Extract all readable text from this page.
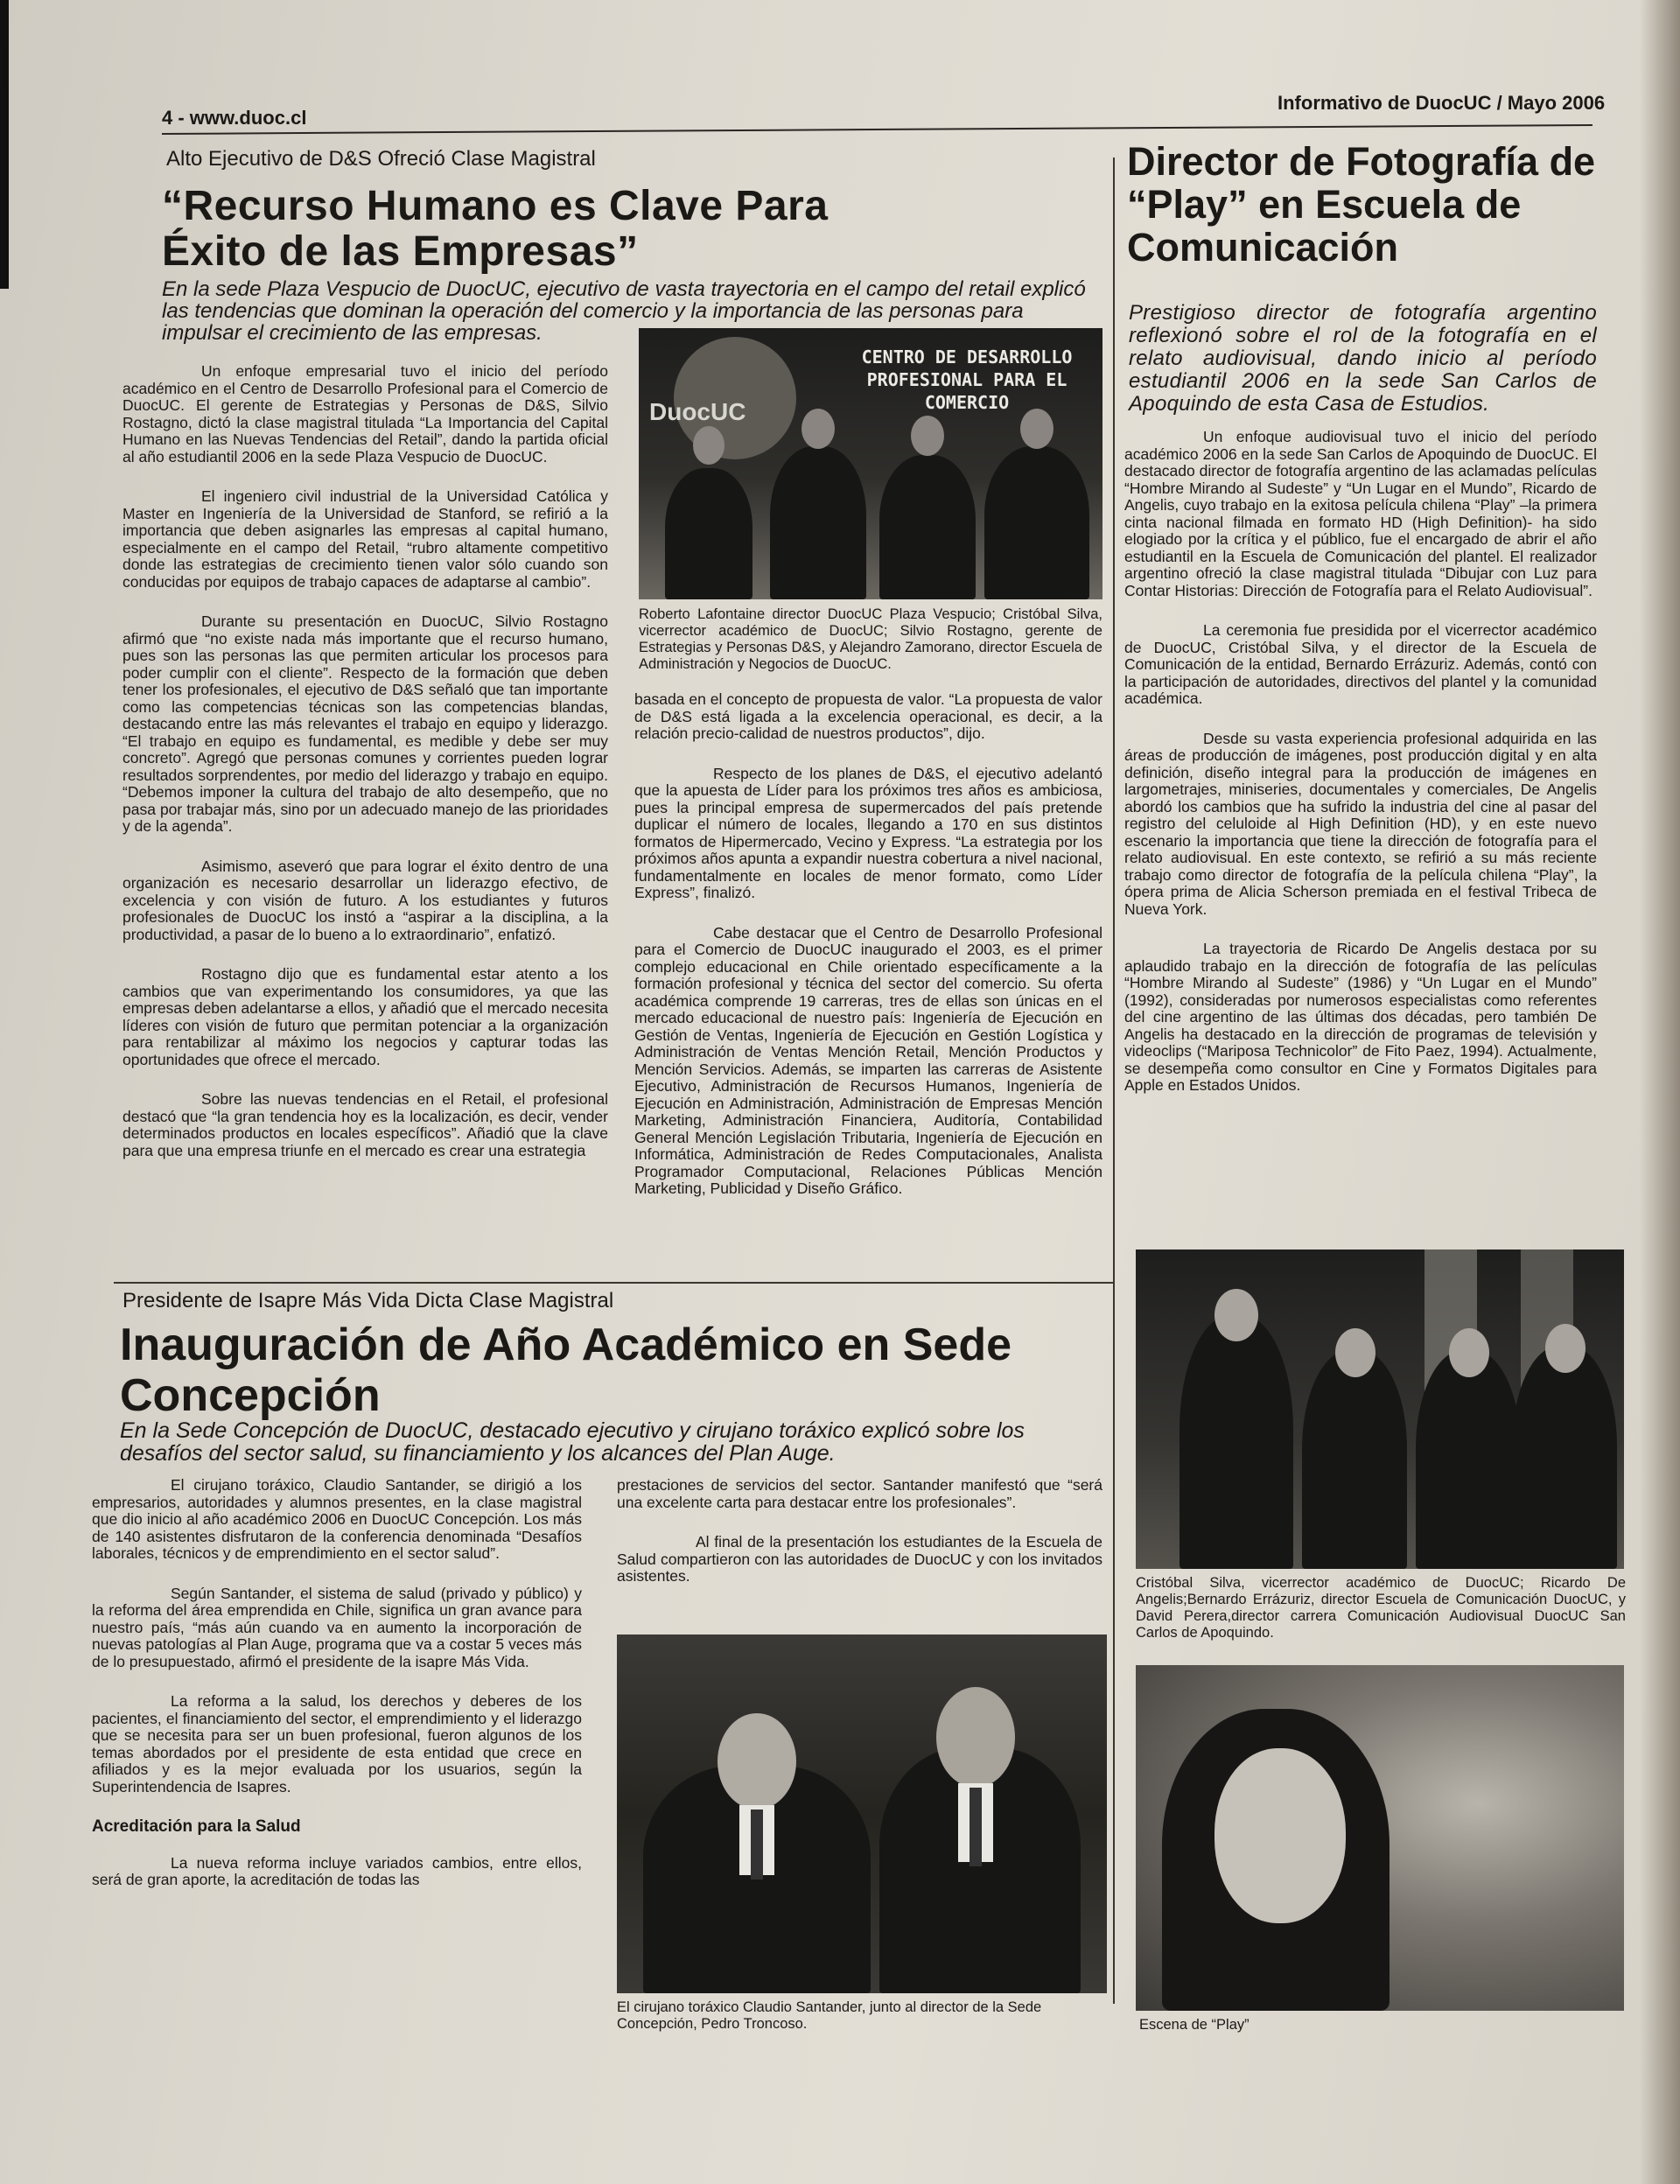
4 - www.duoc.cl
Informativo de DuocUC / Mayo 2006
Alto Ejecutivo de D&S Ofreció Clase Magistral
“Recurso Humano es Clave Para Éxito de las Empresas”
En la sede Plaza Vespucio de DuocUC, ejecutivo de vasta trayectoria en el campo del retail explicó las tendencias que dominan la operación del comercio y la importancia de las personas para impulsar el crecimiento de las empresas.

Un enfoque empresarial tuvo el inicio del período académico en el Centro de Desarrollo Profesional para el Comercio de DuocUC. El gerente de Estrategias y Personas de D&S, Silvio Rostagno, dictó la clase magistral titulada “La Importancia del Capital Humano en las Nuevas Tendencias del Retail”, dando la partida oficial al año estudiantil 2006 en la sede Plaza Vespucio de DuocUC.

El ingeniero civil industrial de la Universidad Católica y Master en Ingeniería de la Universidad de Stanford, se refirió a la importancia que deben asignarles las empresas al capital humano, especialmente en el campo del Retail, “rubro altamente competitivo donde las estrategias de crecimiento tienen valor sólo cuando son conducidas por equipos de trabajo capaces de adaptarse al cambio”.

Durante su presentación en DuocUC, Silvio Rostagno afirmó que “no existe nada más importante que el recurso humano, pues son las personas las que permiten articular los procesos para poder cumplir con el cliente”. Respecto de la formación que deben tener los profesionales, el ejecutivo de D&S señaló que tan importante como las competencias técnicas son las competencias blandas, destacando entre las más relevantes el trabajo en equipo y liderazgo. “El trabajo en equipo es fundamental, es medible y debe ser muy concreto”. Agregó que personas comunes y corrientes pueden lograr resultados sorprendentes, por medio del liderazgo y trabajo en equipo. “Debemos imponer la cultura del trabajo de alto desempeño, que no pasa por trabajar más, sino por un adecuado manejo de las prioridades y de la agenda”.

Asimismo, aseveró que para lograr el éxito dentro de una organización es necesario desarrollar un liderazgo efectivo, de excelencia y con visión de futuro. A los estudiantes y futuros profesionales de DuocUC los instó a “aspirar a la disciplina, a la productividad, a pasar de lo bueno a lo extraordinario”, enfatizó.

Rostagno dijo que es fundamental estar atento a los cambios que van experimentando los consumidores, ya que las empresas deben adelantarse a ellos, y añadió que el mercado necesita líderes con visión de futuro que permitan potenciar a la organización para rentabilizar al máximo los negocios y capturar todas las oportunidades que ofrece el mercado.

Sobre las nuevas tendencias en el Retail, el profesional destacó que “la gran tendencia hoy es la localización, es decir, vender determinados productos en locales específicos”. Añadió que la clave para que una empresa triunfe en el mercado es crear una estrategia

DuocUC
CENTRO DE DESARROLLO PROFESIONAL PARA EL COMERCIO
Roberto Lafontaine director DuocUC Plaza Vespucio; Cristóbal Silva, vicerrector académico de DuocUC; Silvio Rostagno, gerente de Estrategias y Personas D&S, y Alejandro Zamorano, director Escuela de Administración y Negocios de DuocUC.

basada en el concepto de propuesta de valor. “La propuesta de valor de D&S está ligada a la excelencia operacional, es decir, a la relación precio-calidad de nuestros productos”, dijo.

Respecto de los planes de D&S, el ejecutivo adelantó que la apuesta de Líder para los próximos tres años es ambiciosa, pues la principal empresa de supermercados del país pretende duplicar el número de locales, llegando a 170 en sus distintos formatos de Hipermercado, Vecino y Express. “La estrategia por los próximos años apunta a expandir nuestra cobertura a nivel nacional, fundamentalmente en locales de menor formato, como Líder Express”, finalizó.

Cabe destacar que el Centro de Desarrollo Profesional para el Comercio de DuocUC inaugurado el 2003, es el primer complejo educacional en Chile orientado específicamente a la formación profesional y técnica del sector del comercio. Su oferta académica comprende 19 carreras, tres de ellas son únicas en el mercado educacional de nuestro país: Ingeniería de Ejecución en Gestión de Ventas, Ingeniería de Ejecución en Gestión Logística y Administración de Ventas Mención Retail, Mención Productos y Mención Servicios. Además, se imparten las carreras de Asistente Ejecutivo, Administración de Recursos Humanos, Ingeniería de Ejecución en Administración, Administración de Empresas Mención Marketing, Administración Financiera, Auditoría, Contabilidad General Mención Legislación Tributaria, Ingeniería de Ejecución en Informática, Administración de Redes Computacionales, Analista Programador Computacional, Relaciones Públicas Mención Marketing, Publicidad y Diseño Gráfico.

Director de Fotografía de “Play” en Escuela de Comunicación
Prestigioso director de fotografía argentino reflexionó sobre el rol de la fotografía en el relato audiovisual, dando inicio al período estudiantil 2006 en la sede San Carlos de Apoquindo de esta Casa de Estudios.

Un enfoque audiovisual tuvo el inicio del período académico 2006 en la sede San Carlos de Apoquindo de DuocUC. El destacado director de fotografía argentino de las aclamadas películas “Hombre Mirando al Sudeste” y “Un Lugar en el Mundo”, Ricardo de Angelis, cuyo trabajo en la exitosa película chilena “Play” –la primera cinta nacional filmada en formato HD (High Definition)- ha sido elogiado por la crítica y el público, fue el encargado de abrir el año estudiantil en la Escuela de Comunicación del plantel. El realizador argentino ofreció la clase magistral titulada “Dibujar con Luz para Contar Historias: Dirección de Fotografía para el Relato Audiovisual”.

La ceremonia fue presidida por el vicerrector académico de DuocUC, Cristóbal Silva, y el director de la Escuela de Comunicación de la entidad, Bernardo Errázuriz. Además, contó con la participación de autoridades, directivos del plantel y la comunidad académica.

Desde su vasta experiencia profesional adquirida en las áreas de producción de imágenes, post producción digital y en alta definición, diseño integral para la producción de imágenes en largometrajes, miniseries, documentales y comerciales, De Angelis abordó los cambios que ha sufrido la industria del cine al pasar del registro del celuloide al High Definition (HD), y en este nuevo escenario la importancia que tiene la dirección de fotografía para el relato audiovisual. En este contexto, se refirió a su más reciente trabajo como director de fotografía de la película chilena “Play”, la ópera prima de Alicia Scherson premiada en el festival Tribeca de Nueva York.

La trayectoria de Ricardo De Angelis destaca por su aplaudido trabajo en la dirección de fotografía de las películas “Hombre Mirando al Sudeste” (1986) y “Un Lugar en el Mundo” (1992), consideradas por numerosos especialistas como referentes del cine argentino de las últimas dos décadas, pero también De Angelis ha destacado en la dirección de programas de televisión y videoclips (“Mariposa Technicolor” de Fito Paez, 1994). Actualmente, se desempeña como consultor en Cine y Formatos Digitales para Apple en Estados Unidos.

Cristóbal Silva, vicerrector académico de DuocUC; Ricardo De Angelis;Bernardo Errázuriz, director Escuela de Comunicación DuocUC, y David Perera,director carrera Comunicación Audiovisual DuocUC San Carlos de Apoquindo.
Escena de “Play”
Presidente de Isapre Más Vida Dicta Clase Magistral
Inauguración de Año Académico en Sede Concepción
En la Sede Concepción de DuocUC, destacado ejecutivo y cirujano toráxico explicó sobre los desafíos del sector salud, su financiamiento y los alcances del Plan Auge.

El cirujano toráxico, Claudio Santander, se dirigió a los empresarios, autoridades y alumnos presentes, en la clase magistral que dio inicio al año académico 2006 en DuocUC Concepción. Los más de 140 asistentes disfrutaron de la conferencia denominada “Desafíos laborales, técnicos y de emprendimiento en el sector salud”.

Según Santander, el sistema de salud (privado y público) y la reforma del área emprendida en Chile, significa un gran avance para nuestro país, “más aún cuando va en aumento la incorporación de nuevas patologías al Plan Auge, programa que va a costar 5 veces más de lo presupuestado, afirmó el presidente de la isapre Más Vida.

La reforma a la salud, los derechos y deberes de los pacientes, el financiamiento del sector, el emprendimiento y el liderazgo que se necesita para ser un buen profesional, fueron algunos de los temas abordados por el presidente de esta entidad que crece en afiliados y es la mejor evaluada por los usuarios, según la Superintendencia de Isapres.

Acreditación para la Salud

La nueva reforma incluye variados cambios, entre ellos, será de gran aporte, la acreditación de todas las

prestaciones de servicios del sector. Santander manifestó que “será una excelente carta para destacar entre los profesionales”.

Al final de la presentación los estudiantes de la Escuela de Salud compartieron con las autoridades de DuocUC y con los invitados asistentes.

El cirujano toráxico Claudio Santander, junto al director de la Sede Concepción, Pedro Troncoso.
